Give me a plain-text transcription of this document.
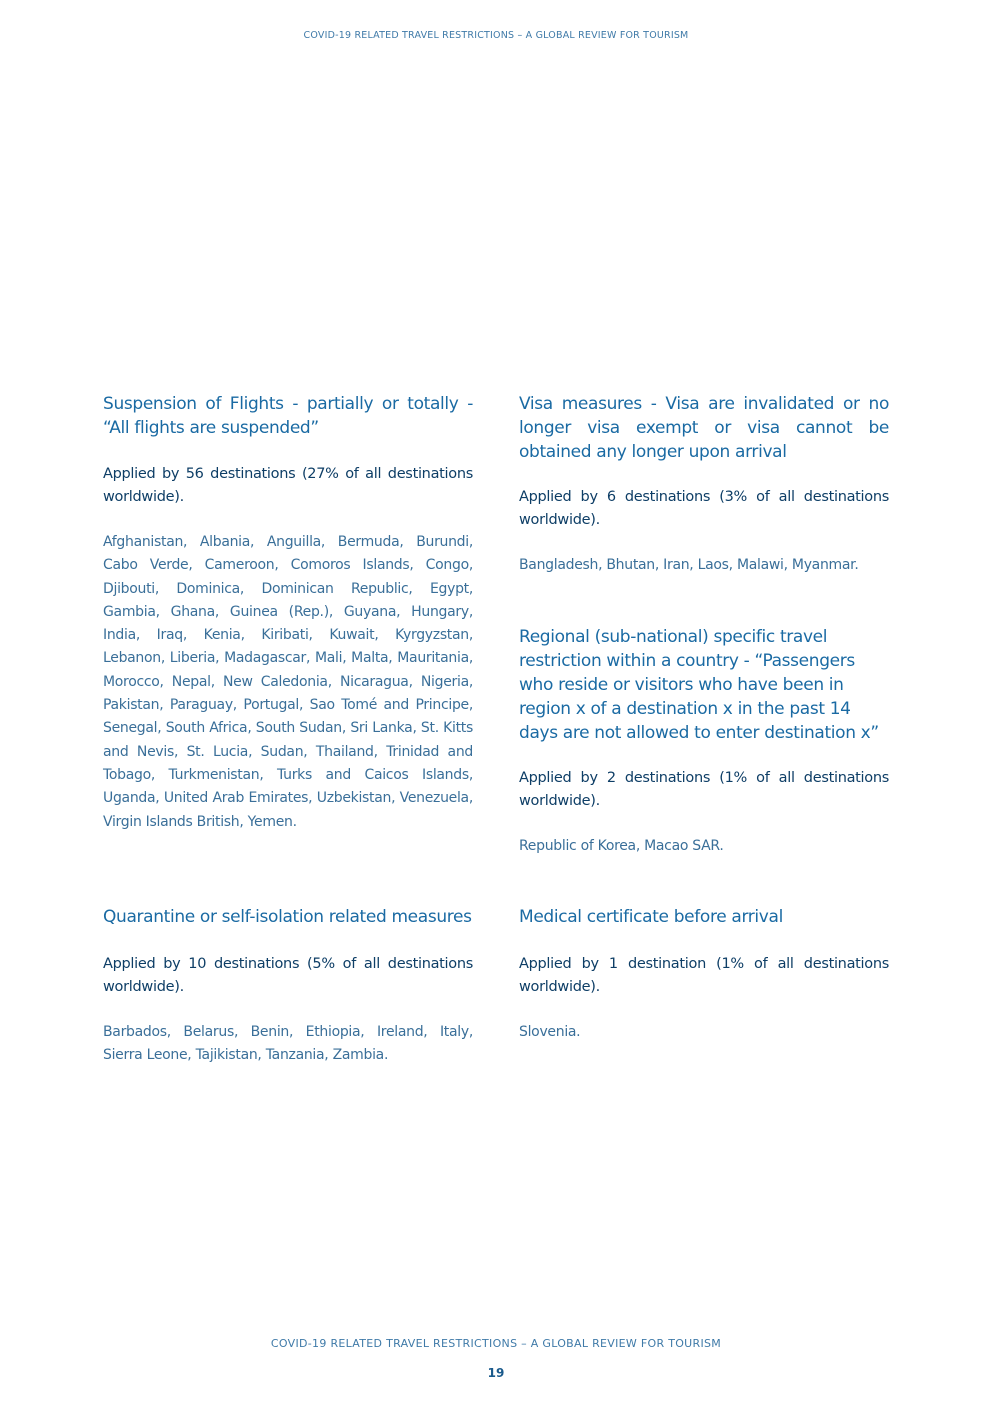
COVID-19 RELATED TRAVEL RESTRICTIONS – A GLOBAL REVIEW FOR TOURISM
Suspension of Flights - partially or totally - “All flights are suspended”

Applied by 56 destinations (27% of all destinations worldwide).

Afghanistan, Albania, Anguilla, Bermuda, Burundi, Cabo Verde, Cameroon, Comoros Islands, Congo, Djibouti, Dominica, Dominican Republic, Egypt, Gambia, Ghana, Guinea (Rep.), Guyana, Hungary, India, Iraq, Kenia, Kiribati, Kuwait, Kyrgyzstan, Lebanon, Liberia, Madagascar, Mali, Malta, Mauritania, Morocco, Nepal, New Caledonia, Nicaragua, Nigeria, Pakistan, Paraguay, Portugal, Sao Tomé and Principe, Senegal, South Africa, South Sudan, Sri Lanka, St. Kitts and Nevis, St. Lucia, Sudan, Thailand, Trinidad and Tobago, Turkmenistan, Turks and Caicos Islands, Uganda, United Arab Emirates, Uzbekistan, Venezuela, Virgin Islands British, Yemen.

Quarantine or self-isolation related measures

Applied by 10 destinations (5% of all destinations worldwide).

Barbados, Belarus, Benin, Ethiopia, Ireland, Italy, Sierra Leone, Tajikistan, Tanzania, Zambia.

Visa measures - Visa are invalidated or no longer visa exempt or visa cannot be obtained any longer upon arrival

Applied by 6 destinations (3% of all destinations worldwide).

Bangladesh, Bhutan, Iran, Laos, Malawi, Myanmar.

Regional (sub-national) specific travel restriction within a country - “Passengers who reside or visitors who have been in region x of a destination x in the past 14 days are not allowed to enter destination x”

Applied by 2 destinations (1% of all destinations worldwide).

Republic of Korea, Macao SAR.

Medical certificate before arrival

Applied by 1 destination (1% of all destinations worldwide).

Slovenia.

COVID-19 RELATED TRAVEL RESTRICTIONS – A GLOBAL REVIEW FOR TOURISM
19
